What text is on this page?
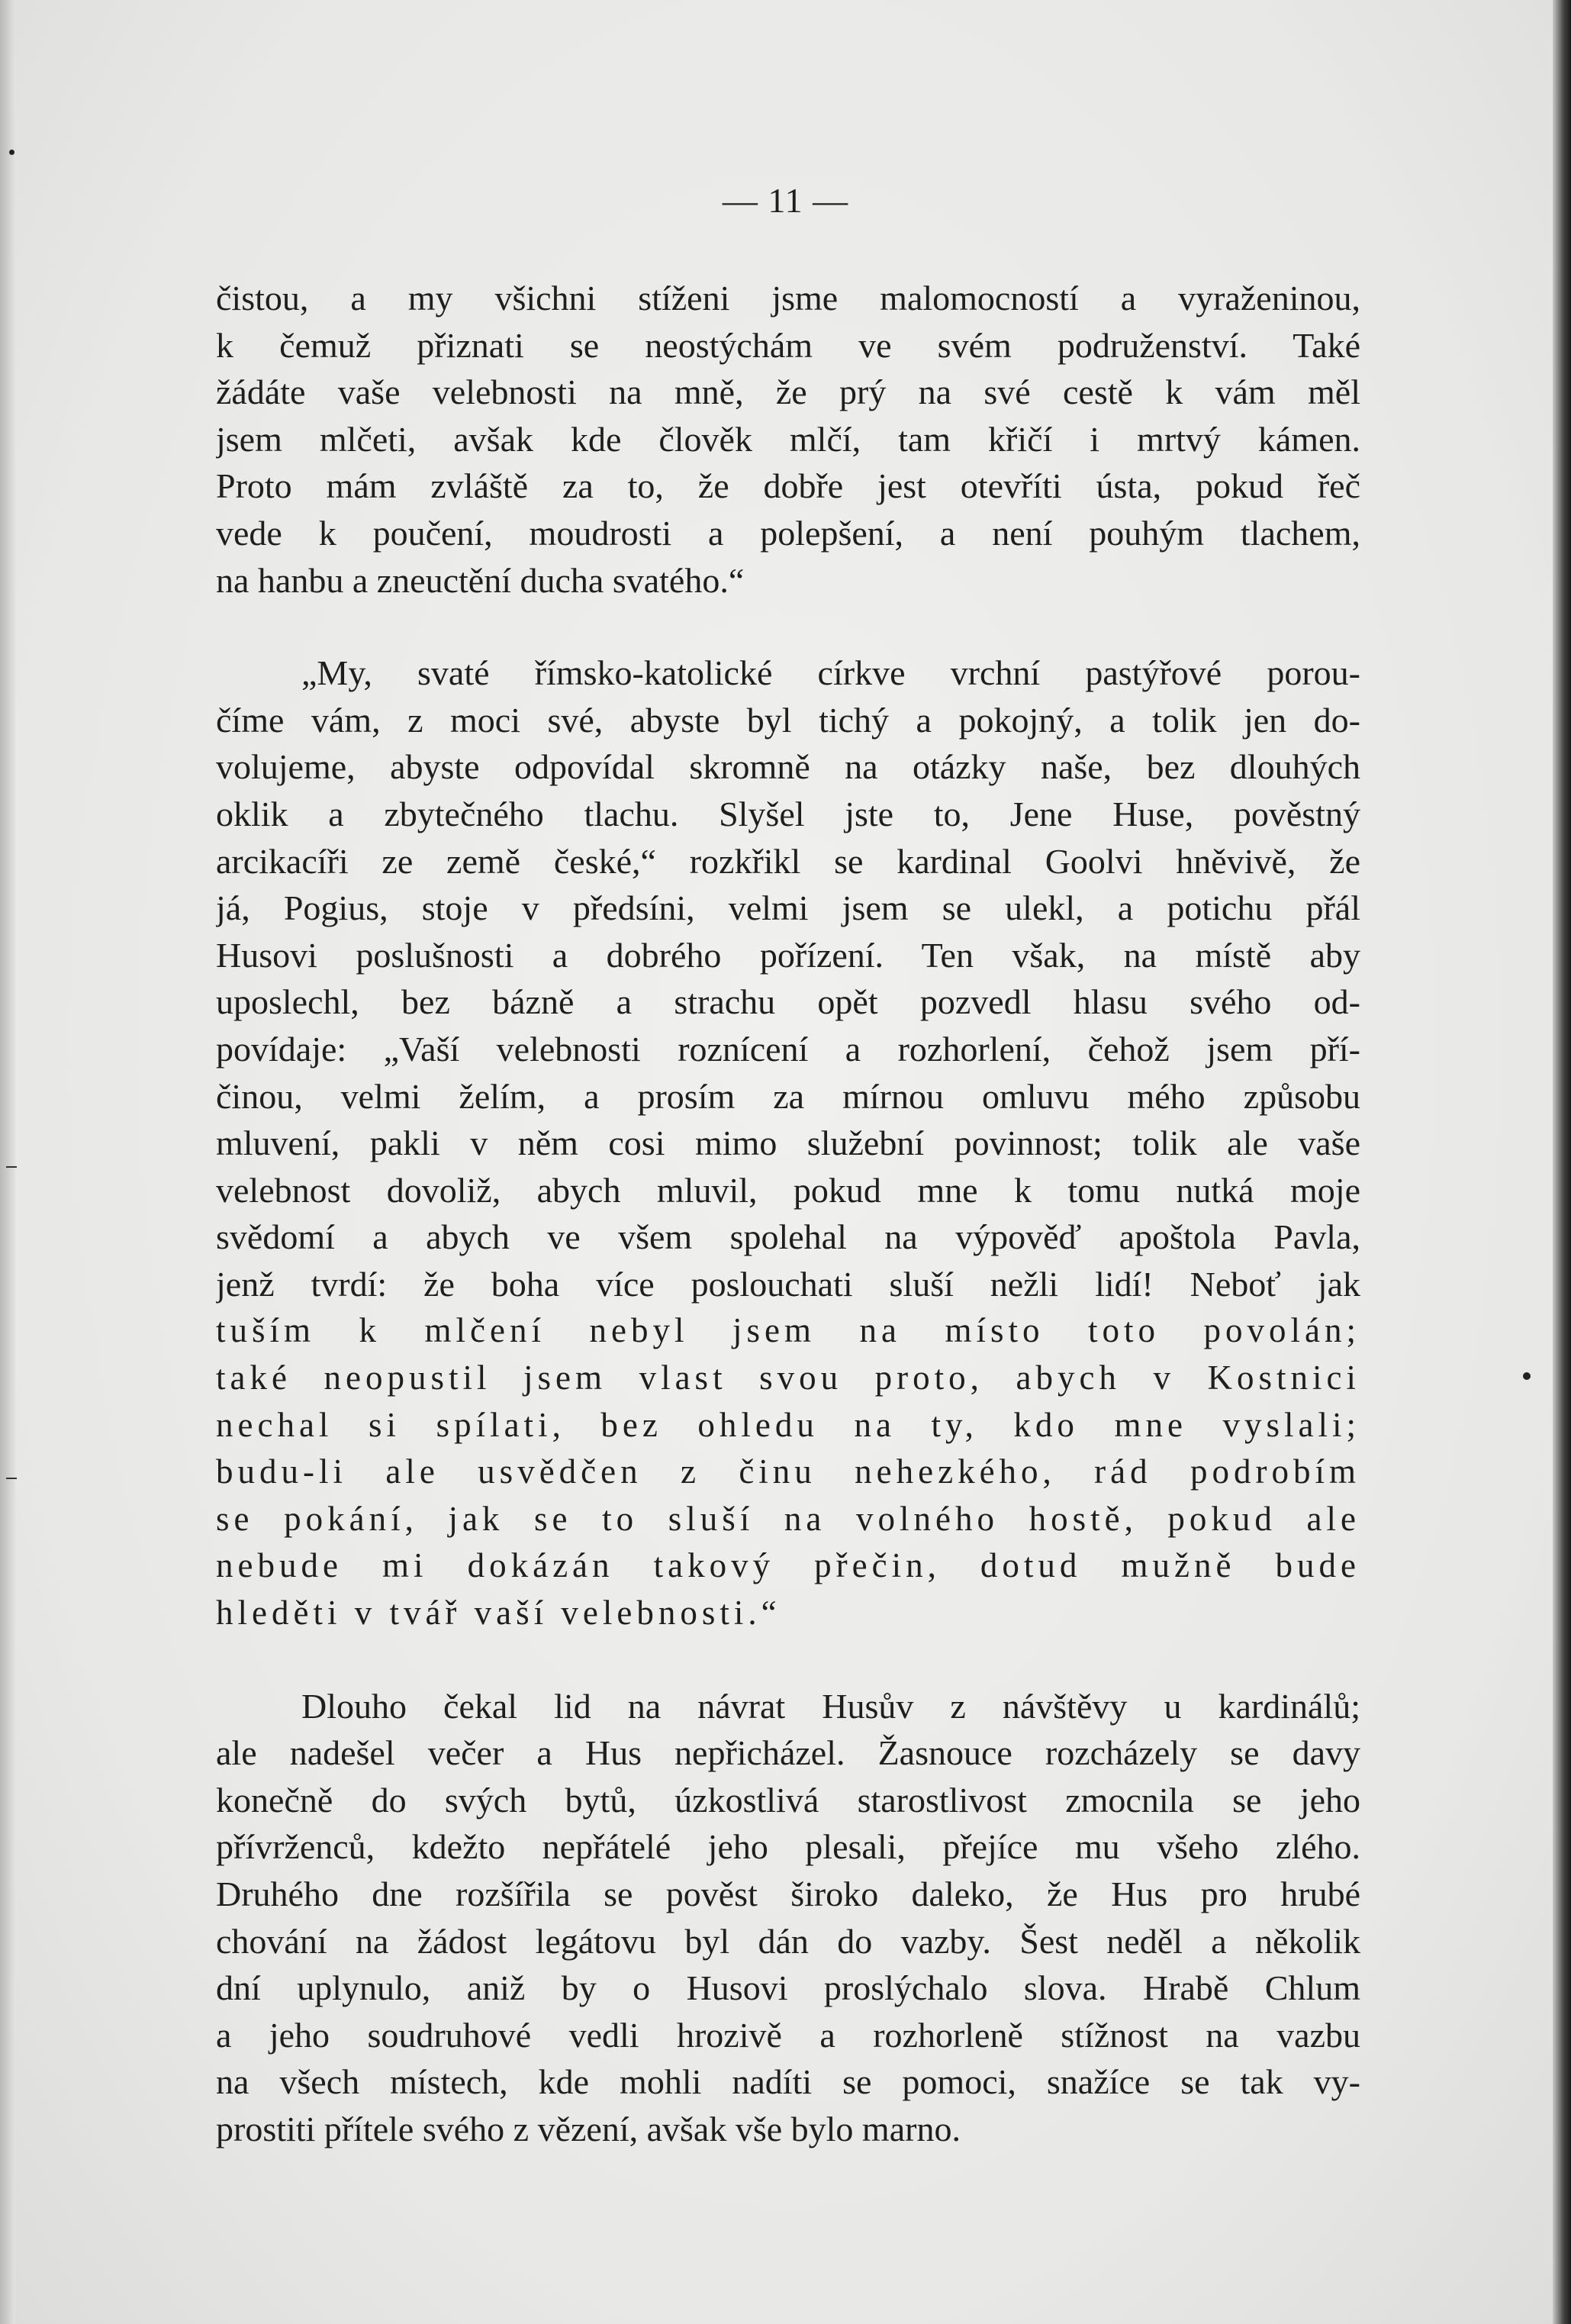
— 11 —
čistou, a my všichni stíženi jsme malomocností a vyraženinou,
k čemuž přiznati se neostýchám ve svém podruženství. Také
žádáte vaše velebnosti na mně, že prý na své cestě k vám měl
jsem mlčeti, avšak kde člověk mlčí, tam křičí i mrtvý kámen.
Proto mám zvláště za to, že dobře jest otevříti ústa, pokud řeč
vede k poučení, moudrosti a polepšení, a není pouhým tlachem,
na hanbu a zneuctění ducha svatého.“
„My, svaté římsko-katolické církve vrchní pastýřové porou-
číme vám, z moci své, abyste byl tichý a pokojný, a tolik jen do-
volujeme, abyste odpovídal skromně na otázky naše, bez dlouhých
oklik a zbytečného tlachu. Slyšel jste to, Jene Huse, pověstný
arcikacíři ze země české,“ rozkřikl se kardinal Goolvi hněvivě, že
já, Pogius, stoje v předsíni, velmi jsem se ulekl, a potichu přál
Husovi poslušnosti a dobrého pořízení. Ten však, na místě aby
uposlechl, bez bázně a strachu opět pozvedl hlasu svého od-
povídaje: „Vaší velebnosti roznícení a rozhorlení, čehož jsem pří-
činou, velmi želím, a prosím za mírnou omluvu mého způsobu
mluvení, pakli v něm cosi mimo služební povinnost; tolik ale vaše
velebnost dovoliž, abych mluvil, pokud mne k tomu nutká moje
svědomí a abych ve všem spolehal na výpověď apoštola Pavla,
jenž tvrdí: že boha více poslouchati sluší nežli lidí! Neboť jak
tuším k mlčení nebyl jsem na místo toto povolán;
také neopustil jsem vlast svou proto, abych v Kostnici
nechal si spílati, bez ohledu na ty, kdo mne vyslali;
budu-li ale usvědčen z činu nehezkého, rád podrobím
se pokání, jak se to sluší na volného hostě, pokud ale
nebude mi dokázán takový přečin, dotud mužně bude
hleděti v tvář vaší velebnosti.“
Dlouho čekal lid na návrat Husův z návštěvy u kardinálů;
ale nadešel večer a Hus nepřicházel. Žasnouce rozcházely se davy
konečně do svých bytů, úzkostlivá starostlivost zmocnila se jeho
přívrženců, kdežto nepřátelé jeho plesali, přejíce mu všeho zlého.
Druhého dne rozšířila se pověst široko daleko, že Hus pro hrubé
chování na žádost legátovu byl dán do vazby. Šest neděl a několik
dní uplynulo, aniž by o Husovi proslýchalo slova. Hrabě Chlum
a jeho soudruhové vedli hrozivě a rozhorleně stížnost na vazbu
na všech místech, kde mohli nadíti se pomoci, snažíce se tak vy-
prostiti přítele svého z vězení, avšak vše bylo marno.
